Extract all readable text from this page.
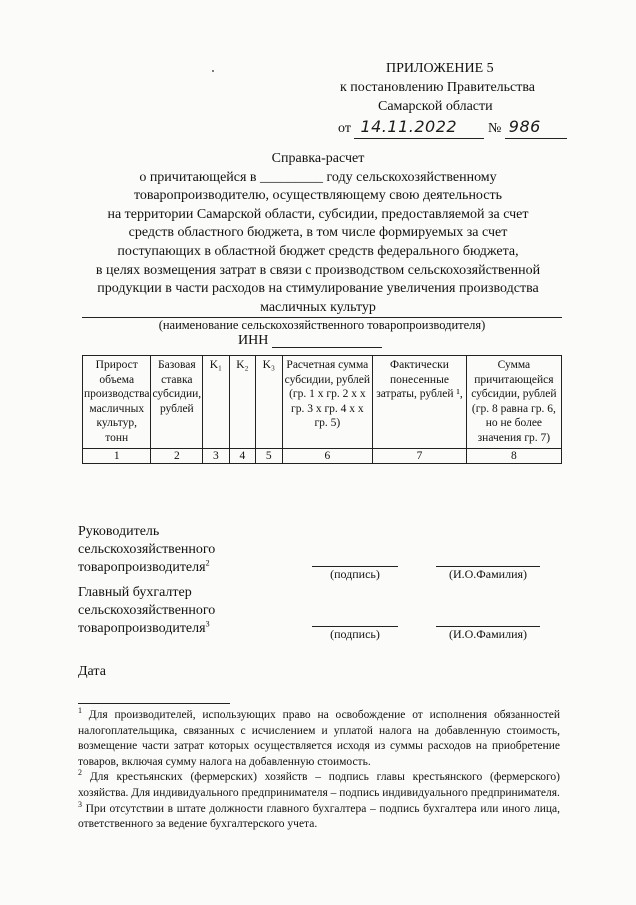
ПРИЛОЖЕНИЕ 5
к постановлению Правительства
Самарской области
от 14.11.2022 № 986
Справка-расчет
о причитающейся в _________ году сельскохозяйственному
товаропроизводителю, осуществляющему свою деятельность
на территории Самарской области, субсидии, предоставляемой за счет
средств областного бюджета, в том числе формируемых за счет
поступающих в областной бюджет средств федерального бюджета,
в целях возмещения затрат в связи с производством сельскохозяйственной
продукции в части расходов на стимулирование увеличения производства
масличных культур
(наименование сельскохозяйственного товаропроизводителя)
ИНН
Прирост объема производства масличных культур, тонн	Базовая ставка субсидии, рублей	K₁	K₂	K₃	Расчетная сумма субсидии, рублей (гр. 1 x гр. 2 x x гр. 3 x гр. 4 x x гр. 5)	Фактически понесенные затраты, рублей ¹,	Сумма причитающейся субсидии, рублей (гр. 8 равна гр. 6, но не более значения гр. 7)
1	2	3	4	5	6	7	8
Руководитель
сельскохозяйственного
товаропроизводителя$^2$
(подпись)	(И.О.Фамилия)
Главный бухгалтер
сельскохозяйственного
товаропроизводителя$^3$
(подпись)	(И.О.Фамилия)
Дата

$^1$ Для производителей, использующих право на освобождение от исполнения обязанностей налогоплательщика, связанных с исчислением и уплатой налога на добавленную стоимость, возмещение части затрат которых осуществляется исходя из суммы расходов на приобретение товаров, включая сумму налога на добавленную стоимость.

$^2$ Для крестьянских (фермерских) хозяйств – подпись главы крестьянского (фермерского) хозяйства. Для индивидуального предпринимателя – подпись индивидуального предпринимателя.

$^3$ При отсутствии в штате должности главного бухгалтера – подпись бухгалтера или иного лица, ответственного за ведение бухгалтерского учета.
